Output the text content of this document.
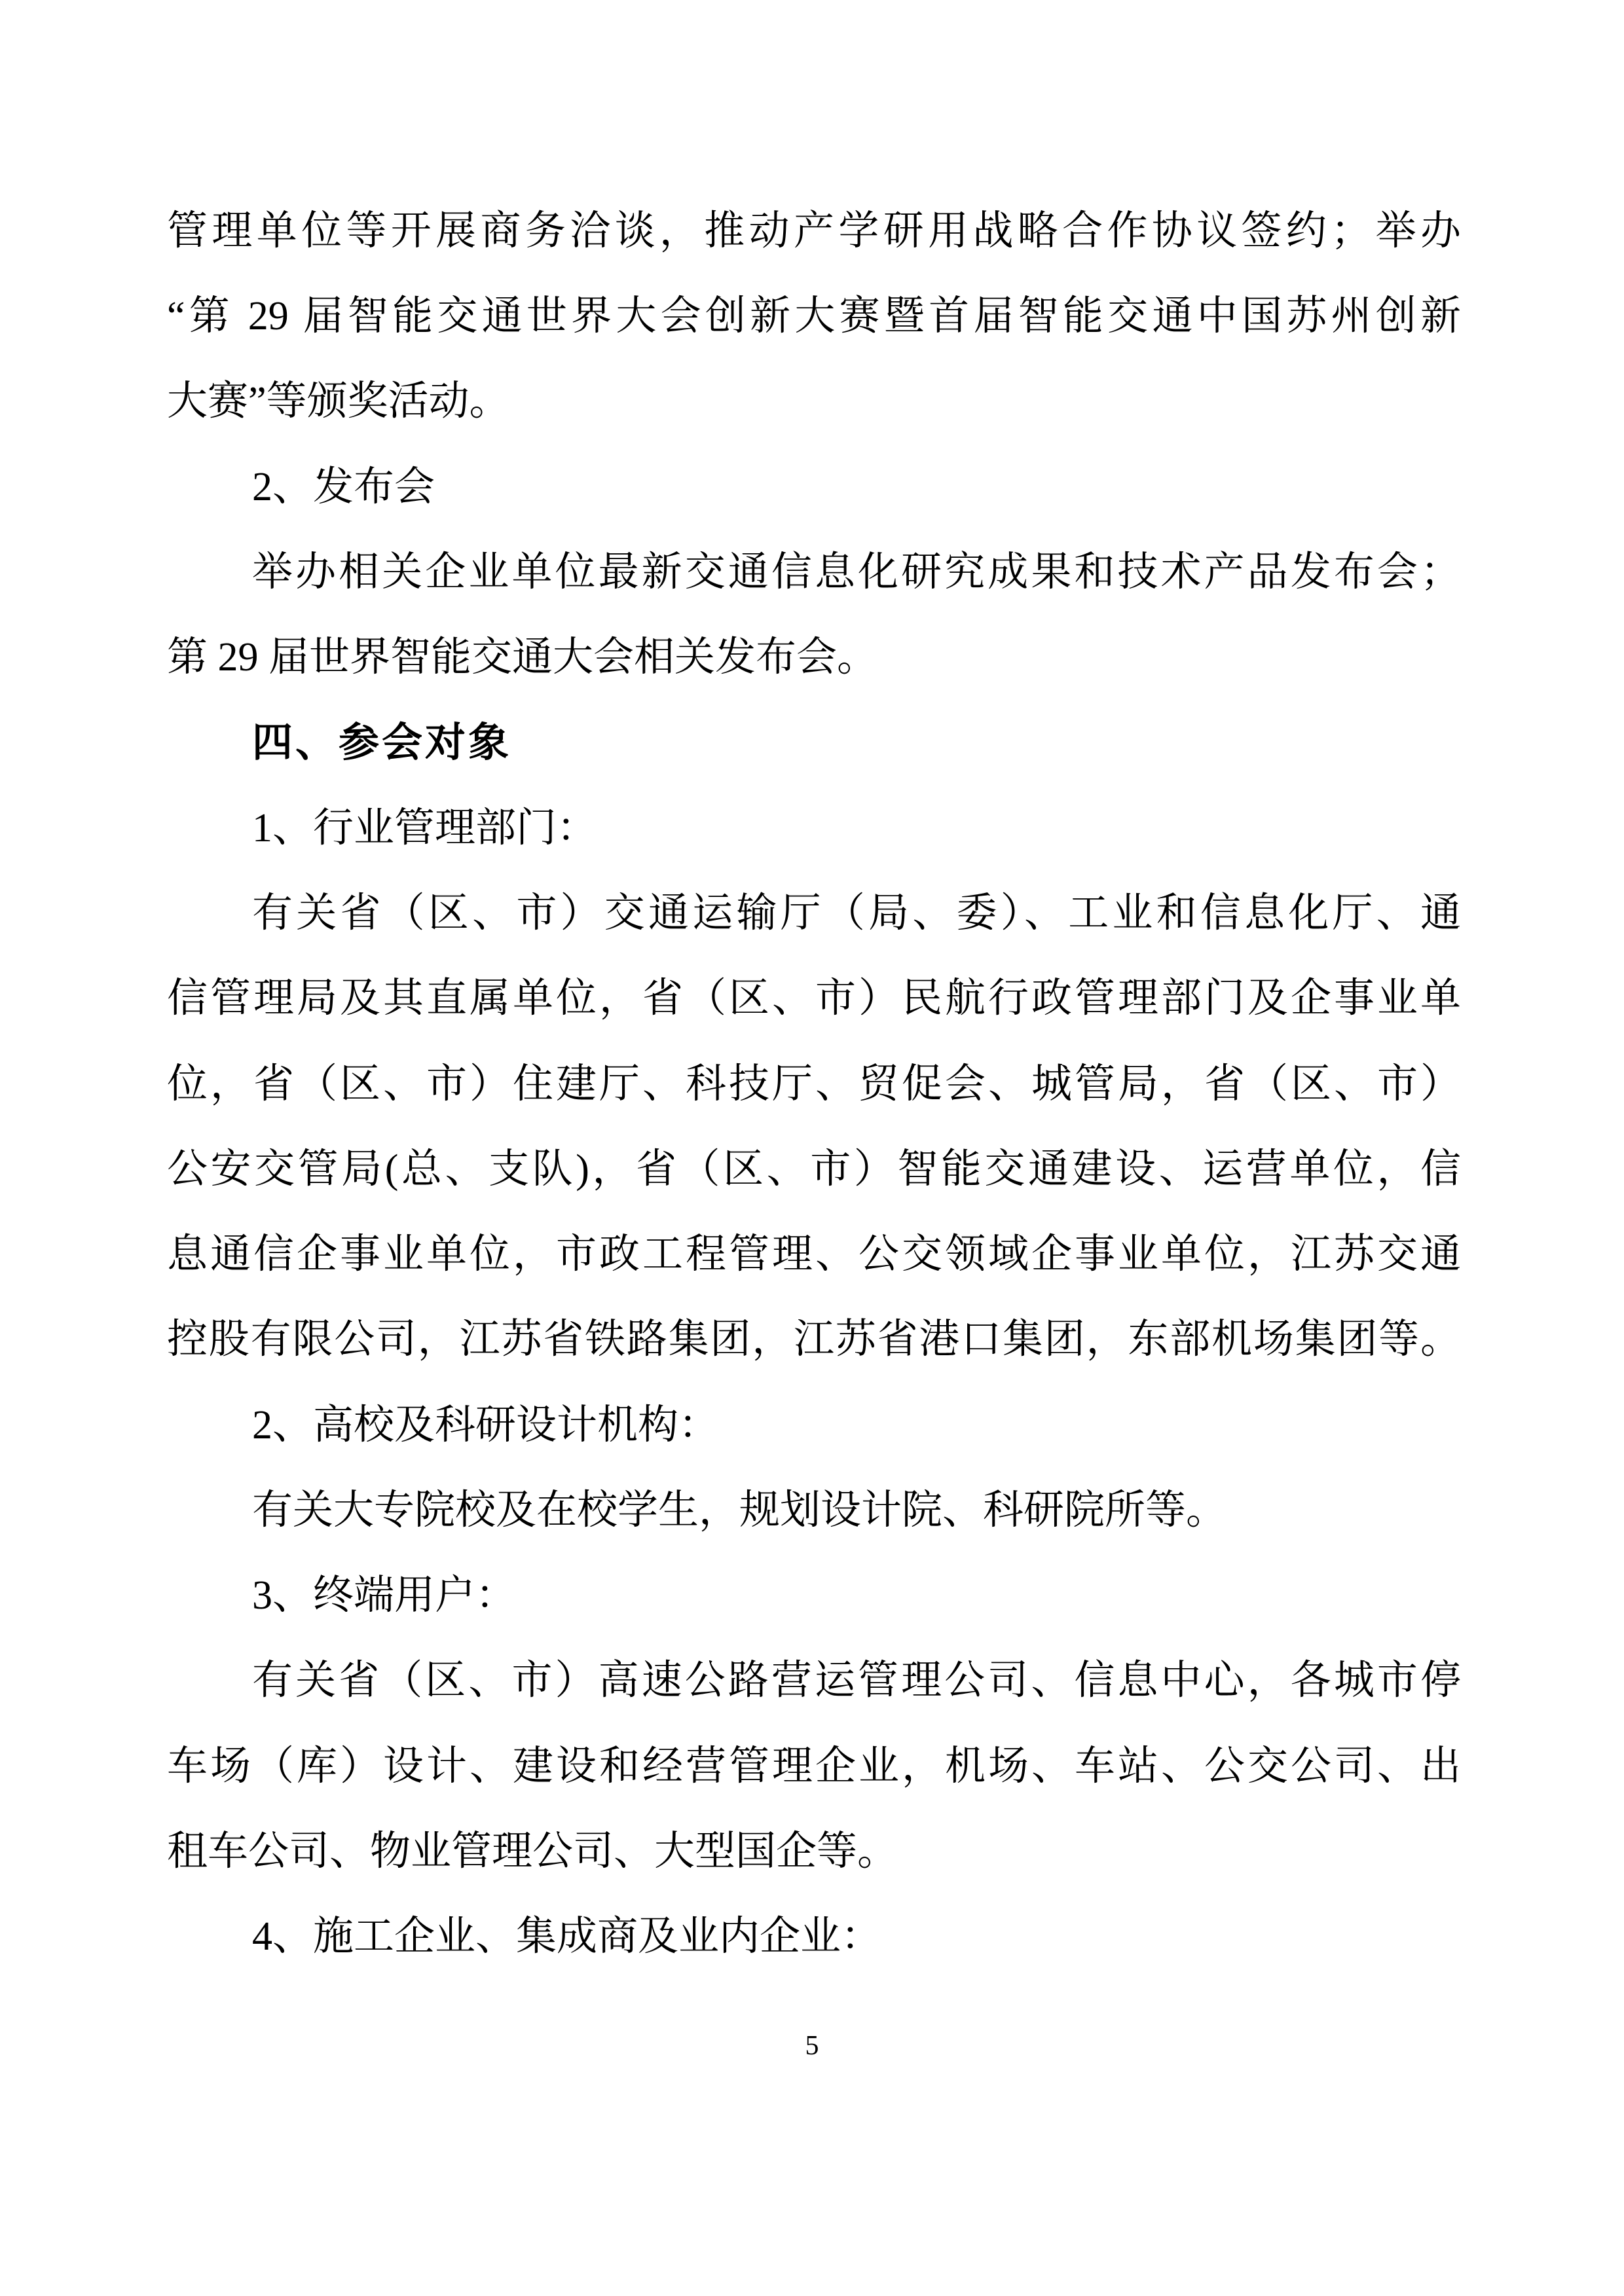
管理单位等开展商务洽谈，推动产学研用战略合作协议签约；举办
“第 29 届智能交通世界大会创新大赛暨首届智能交通中国苏州创新
大赛”等颁奖活动。
2、发布会
举办相关企业单位最新交通信息化研究成果和技术产品发布会；
第 29 届世界智能交通大会相关发布会。
四、参会对象
1、行业管理部门：
有关省（区、市）交通运输厅（局、委）、工业和信息化厅、通
信管理局及其直属单位，省（区、市）民航行政管理部门及企事业单
位，省（区、市）住建厅、科技厅、贸促会、城管局，省（区、市）
公安交管局(总、支队)，省（区、市）智能交通建设、运营单位，信
息通信企事业单位，市政工程管理、公交领域企事业单位，江苏交通
控股有限公司，江苏省铁路集团，江苏省港口集团，东部机场集团等。
2、高校及科研设计机构：
有关大专院校及在校学生，规划设计院、科研院所等。
3、终端用户：
有关省（区、市）高速公路营运管理公司、信息中心，各城市停
车场（库）设计、建设和经营管理企业，机场、车站、公交公司、出
租车公司、物业管理公司、大型国企等。
4、施工企业、集成商及业内企业：
5
